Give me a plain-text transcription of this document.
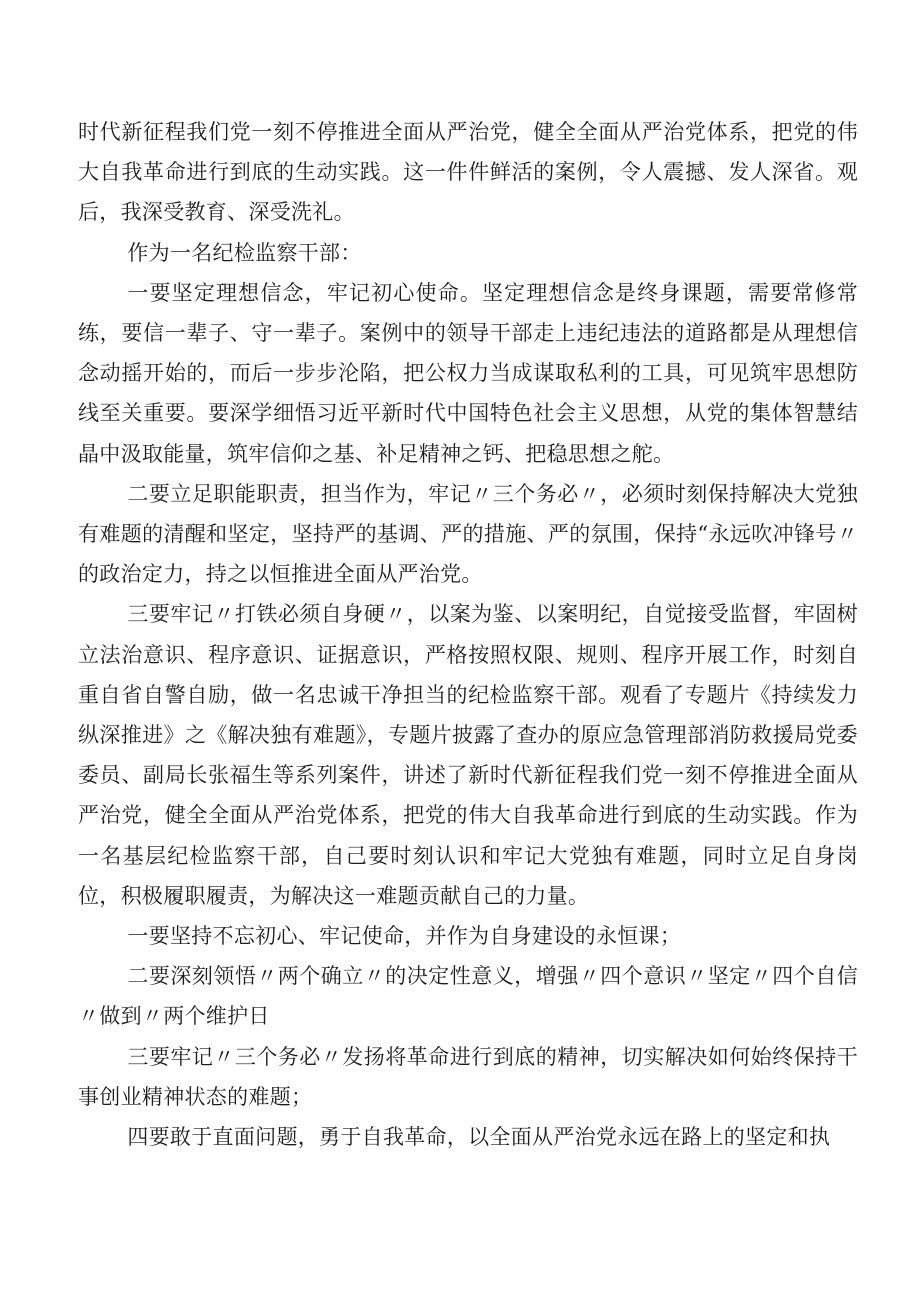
时代新征程我们党一刻不停推进全面从严治党，健全全面从严治党体系，把党的伟大自我革命进行到底的生动实践。这一件件鲜活的案例，令人震撼、发人深省。观后，我深受教育、深受洗礼。

作为一名纪检监察干部：

一要坚定理想信念，牢记初心使命。坚定理想信念是终身课题，需要常修常练，要信一辈子、守一辈子。案例中的领导干部走上违纪违法的道路都是从理想信念动摇开始的，而后一步步沦陷，把公权力当成谋取私利的工具，可见筑牢思想防线至关重要。要深学细悟习近平新时代中国特色社会主义思想，从党的集体智慧结晶中汲取能量，筑牢信仰之基、补足精神之钙、把稳思想之舵。

二要立足职能职责，担当作为，牢记〃三个务必〃，必须时刻保持解决大党独有难题的清醒和坚定，坚持严的基调、严的措施、严的氛围，保持“永远吹冲锋号〃的政治定力，持之以恒推进全面从严治党。

三要牢记〃打铁必须自身硬〃，以案为鉴、以案明纪，自觉接受监督，牢固树立法治意识、程序意识、证据意识，严格按照权限、规则、程序开展工作，时刻自重自省自警自励，做一名忠诚干净担当的纪检监察干部。观看了专题片《持续发力纵深推进》之《解决独有难题》，专题片披露了查办的原应急管理部消防救援局党委委员、副局长张福生等系列案件，讲述了新时代新征程我们党一刻不停推进全面从严治党，健全全面从严治党体系，把党的伟大自我革命进行到底的生动实践。作为一名基层纪检监察干部，自己要时刻认识和牢记大党独有难题，同时立足自身岗位，积极履职履责，为解决这一难题贡献自己的力量。

一要坚持不忘初心、牢记使命，并作为自身建设的永恒课；

二要深刻领悟〃两个确立〃的决定性意义，增强〃四个意识〃坚定〃四个自信〃做到〃两个维护日

三要牢记〃三个务必〃发扬将革命进行到底的精神，切实解决如何始终保持干事创业精神状态的难题；

四要敢于直面问题，勇于自我革命，以全面从严治党永远在路上的坚定和执
